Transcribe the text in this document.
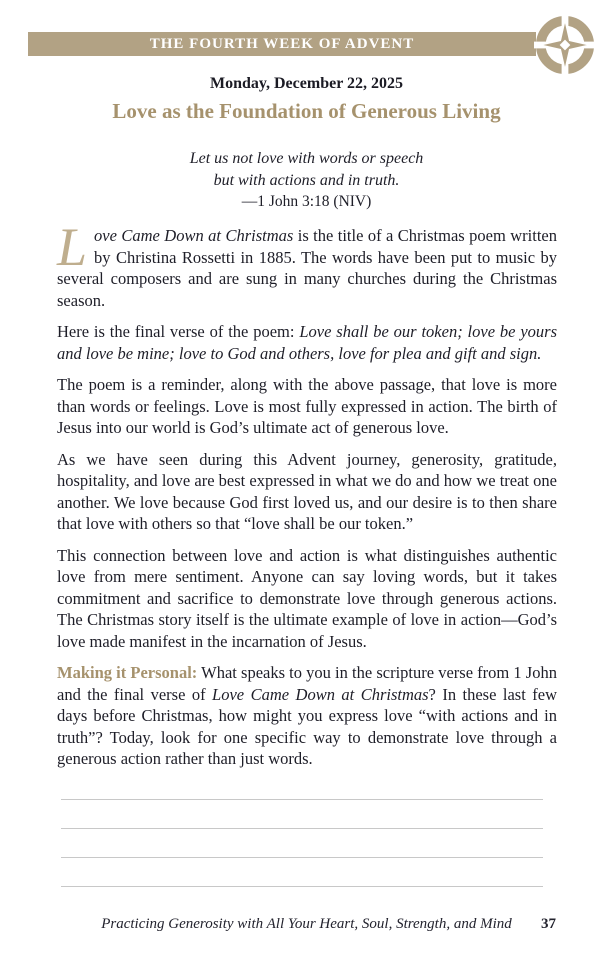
THE FOURTH WEEK OF ADVENT
Monday, December 22, 2025
Love as the Foundation of Generous Living
Let us not love with words or speech
but with actions and in truth.
—1 John 3:18 (NIV)

Love Came Down at Christmas is the title of a Christmas poem written by Christina Rossetti in 1885. The words have been put to music by several composers and are sung in many churches during the Christmas season.

Here is the final verse of the poem: Love shall be our token; love be yours and love be mine; love to God and others, love for plea and gift and sign.

The poem is a reminder, along with the above passage, that love is more than words or feelings. Love is most fully expressed in action. The birth of Jesus into our world is God’s ultimate act of generous love.

As we have seen during this Advent journey, generosity, gratitude, hospitality, and love are best expressed in what we do and how we treat one another. We love because God first loved us, and our desire is to then share that love with others so that “love shall be our token.”

This connection between love and action is what distinguishes authentic love from mere sentiment. Anyone can say loving words, but it takes commitment and sacrifice to demonstrate love through generous actions. The Christmas story itself is the ultimate example of love in action—God’s love made manifest in the incarnation of Jesus.

Making it Personal: What speaks to you in the scripture verse from 1 John and the final verse of Love Came Down at Christmas? In these last few days before Christmas, how might you express love “with actions and in truth”? Today, look for one specific way to demonstrate love through a generous action rather than just words.

Practicing Generosity with All Your Heart, Soul, Strength, and Mind	37
